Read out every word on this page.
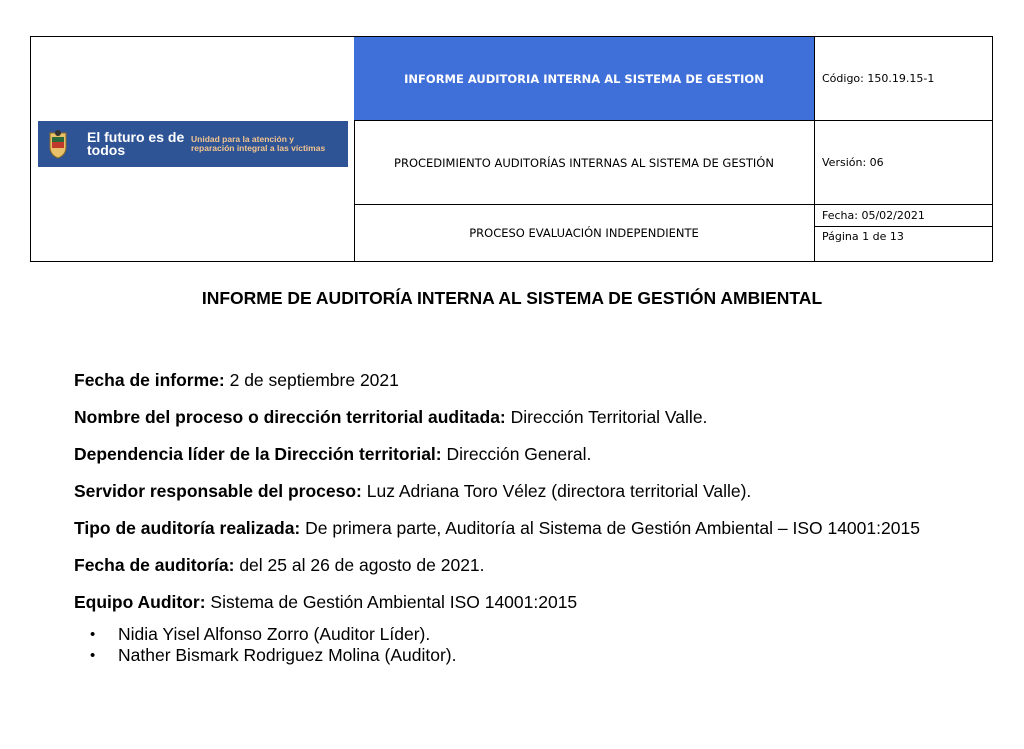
El futuro es de todos
Unidad para la atención y reparación integral a las víctimas
INFORME AUDITORIA INTERNA AL SISTEMA DE GESTION
PROCEDIMIENTO AUDITORÍAS INTERNAS AL SISTEMA DE GESTIÓN
PROCESO EVALUACIÓN INDEPENDIENTE
Código: 150.19.15-1
Versión: 06
Fecha: 05/02/2021
Página 1 de 13
INFORME DE AUDITORÍA INTERNA AL SISTEMA DE GESTIÓN AMBIENTAL
Fecha de informe: 2 de septiembre 2021
Nombre del proceso o dirección territorial auditada: Dirección Territorial Valle.
Dependencia líder de la Dirección territorial: Dirección General.
Servidor responsable del proceso: Luz Adriana Toro Vélez (directora territorial Valle).
Tipo de auditoría realizada: De primera parte, Auditoría al Sistema de Gestión Ambiental – ISO 14001:2015
Fecha de auditoría: del 25 al 26 de agosto de 2021.
Equipo Auditor: Sistema de Gestión Ambiental ISO 14001:2015
• Nidia Yisel Alfonso Zorro (Auditor Líder).
• Nather Bismark Rodriguez Molina (Auditor).
